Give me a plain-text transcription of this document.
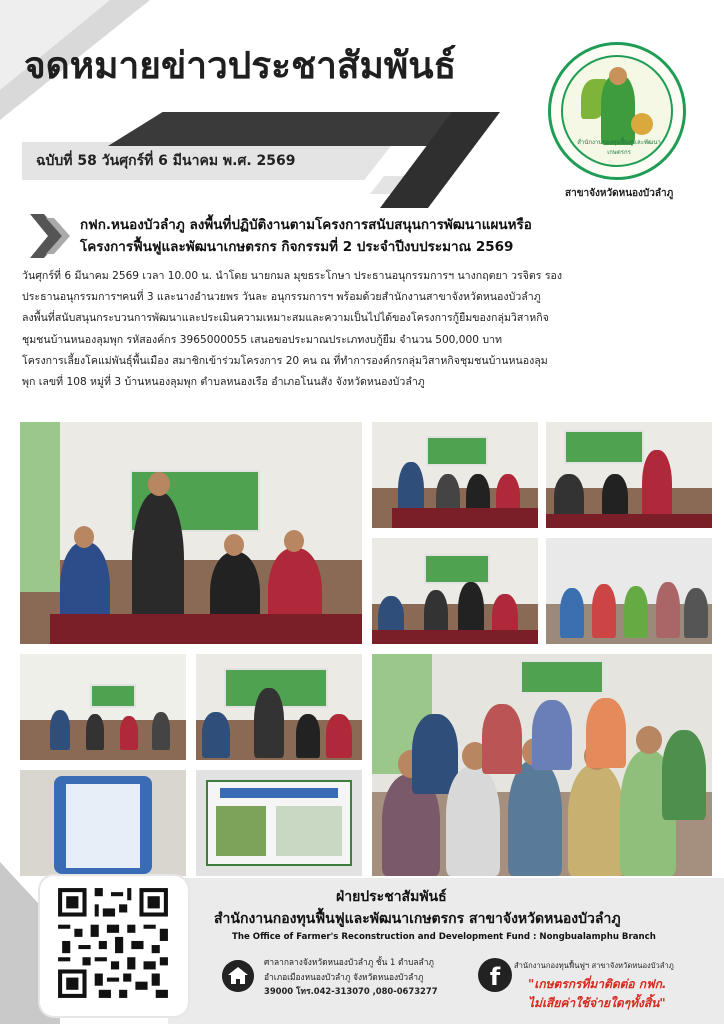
จดหมายข่าวประชาสัมพันธ์
ฉบับที่ 58 วันศุกร์ที่ 6 มีนาคม พ.ศ. 2569
สำนักงานกองทุนฟื้นฟูและพัฒนาเกษตรกร
สาขาจังหวัดหนองบัวลำภู
กฟก.หนองบัวลำภู ลงพื้นที่ปฏิบัติงานตามโครงการสนับสนุนการพัฒนาแผนหรือ
โครงการฟื้นฟูและพัฒนาเกษตรกร กิจกรรมที่ 2 ประจำปีงบประมาณ 2569
วันศุกร์ที่ 6 มีนาคม 2569 เวลา 10.00 น. นำโดย นายกมล มุขธระโกษา ประธานอนุกรรมการฯ นางกฤตยา วรจิตร รอง
ประธานอนุกรรมการฯคนที่ 3 และนางอำนวยพร วันละ อนุกรรมการฯ พร้อมด้วยสำนักงานสาขาจังหวัดหนองบัวลำภู
ลงพื้นที่สนับสนุนกระบวนการพัฒนาและประเมินความเหมาะสมและความเป็นไปได้ของโครงการกู้ยืมของกลุ่มวิสาหกิจ
ชุมชนบ้านหนองลุมพุก รหัสองค์กร 3965000055 เสนอขอประมาณประเภทงบกู้ยืม จำนวน 500,000 บาท
โครงการเลี้ยงโคแม่พันธุ์พื้นเมือง สมาชิกเข้าร่วมโครงการ 20 คน ณ ที่ทำการองค์กรกลุ่มวิสาหกิจชุมชนบ้านหนองลุม
พุก เลขที่ 108 หมู่ที่ 3 บ้านหนองลุมพุก ตำบลหนองเรือ อำเภอโนนสัง จังหวัดหนองบัวลำภู
ฝ่ายประชาสัมพันธ์
สำนักงานกองทุนฟื้นฟูและพัฒนาเกษตรกร สาขาจังหวัดหนองบัวลำภู
The Office of Farmer's Reconstruction and Development Fund : Nongbualamphu Branch
ศาลากลางจังหวัดหนองบัวลำภู ชั้น 1 ตำบลลำภู
อำเภอเมืองหนองบัวลำภู จังหวัดหนองบัวลำภู
39000 โทร.042-313070 ,080-0673277	f	สำนักงานกองทุนฟื้นฟูฯ สาขาจังหวัดหนองบัวลำภู
"เกษตรกรที่มาติดต่อ กฟก.
ไม่เสียค่าใช้จ่ายใดๆทั้งสิ้น"
